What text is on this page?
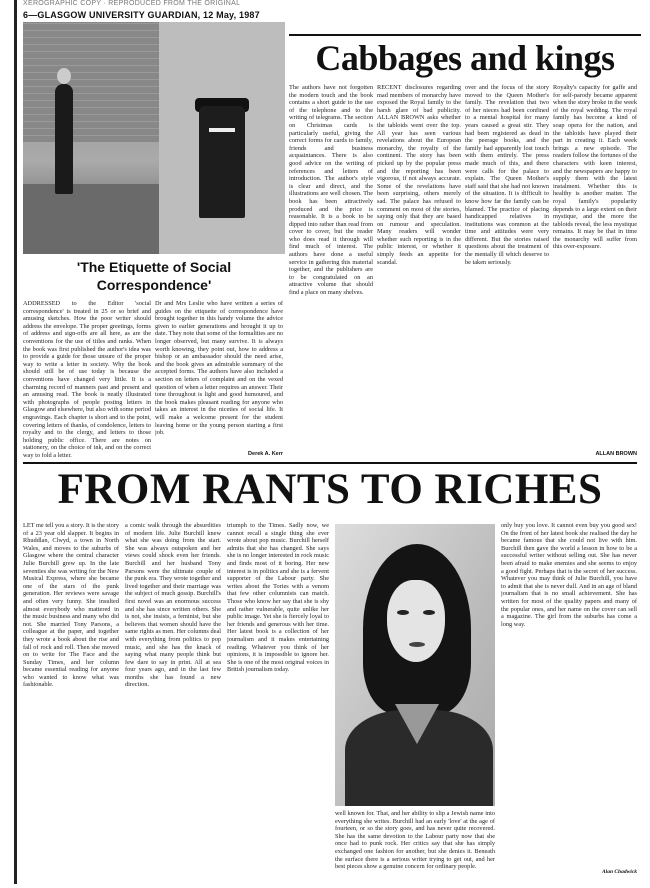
XEROGRAPHIC COPY · REPRODUCED FROM THE ORIGINAL
6—GLASGOW UNIVERSITY GUARDIAN, 12 May, 1987
Cabbages and kings
'The Etiquette of Social Correspondence'
ADDRESSED to the Editor 'social correspondence' is treated in 25 or so brief and amusing sketches. How the poor writer should address the envelope. The proper greetings, forms of address and sign-offs are all here, as are the conventions for the use of titles and ranks. When the book was first published the author's idea was to provide a guide for those unsure of the proper way to write a letter in society. Why the book should still be of use today is because the conventions have changed very little. It is a charming record of manners past and present and an amusing read. The book is neatly illustrated with photographs of people posting letters in Glasgow and elsewhere, but also with some period engravings. Each chapter is short and to the point, covering letters of thanks, of condolence, letters to royalty and to the clergy, and letters to those holding public office. There are notes on stationery, on the choice of ink, and on the correct way to fold a letter.
Dr and Mrs Leslie who have written a series of guides on the etiquette of correspondence have brought together in this handy volume the advice given to earlier generations and brought it up to date. They note that some of the formalities are no longer observed, but many survive. It is always worth knowing, they point out, how to address a bishop or an ambassador should the need arise, and the book gives an admirable summary of the accepted forms. The authors have also included a section on letters of complaint and on the vexed question of when a letter requires an answer. Their tone throughout is light and good humoured, and the book makes pleasant reading for anyone who takes an interest in the niceties of social life. It will make a welcome present for the student leaving home or the young person starting a first job.
Derek A. Kerr
The authors have not forgotten the modern touch and the book contains a short guide to the use of the telephone and to the writing of telegrams. The section on Christmas cards is particularly useful, giving the correct forms for cards to family, friends and business acquaintances. There is also good advice on the writing of references and letters of introduction. The author's style is clear and direct, and the illustrations are well chosen. The book has been attractively produced and the price is reasonable. It is a book to be dipped into rather than read from cover to cover, but the reader who does read it through will find much of interest. The authors have done a useful service in gathering this material together, and the publishers are to be congratulated on an attractive volume that should find a place on many shelves.
RECENT disclosures regarding mad members of monarchy have exposed the Royal family to the harsh glare of bad publicity. ALLAN BROWN asks whether the tabloids went over the top. All year has seen various revelations about the European monarchy, the royalty of the continent. The story has been picked up by the popular press and the reporting has been vigorous, if not always accurate. Some of the revelations have been surprising, others merely sad. The palace has refused to comment on most of the stories, saying only that they are based on rumour and speculation. Many readers will wonder whether such reporting is in the public interest, or whether it simply feeds an appetite for scandal.
over and the focus of the story moved to the Queen Mother's family. The revelation that two of her nieces had been confined to a mental hospital for many years caused a great stir. They had been registered as dead in the peerage books, and the family had apparently lost touch with them entirely. The press made much of this, and there were calls for the palace to explain. The Queen Mother's staff said that she had not known of the situation. It is difficult to know how far the family can be blamed. The practice of placing handicapped relatives in institutions was common at the time and attitudes were very different. But the stories raised questions about the treatment of the mentally ill which deserve to be taken seriously.
Royalty's capacity for gaffe and for self-parody became apparent when the story broke in the week of the royal wedding. The royal family has become a kind of soap opera for the nation, and the tabloids have played their part in creating it. Each week brings a new episode. The readers follow the fortunes of the characters with keen interest, and the newspapers are happy to supply them with the latest instalment. Whether this is healthy is another matter. The royal family's popularity depends to a large extent on their mystique, and the more the tabloids reveal, the less mystique remains. It may be that in time the monarchy will suffer from this over-exposure.
ALLAN BROWN
FROM RANTS TO RICHES
LET me tell you a story. It is the story of a 23 year old slapper. It begins in Rhuddlan, Clwyd, a town in North Wales, and moves to the suburbs of Glasgow where the central character Julie Burchill grew up. In the late seventies she was writing for the New Musical Express, where she became one of the stars of the punk generation. Her reviews were savage and often very funny. She insulted almost everybody who mattered in the music business and many who did not. She married Tony Parsons, a colleague at the paper, and together they wrote a book about the rise and fall of rock and roll. Then she moved on to write for The Face and the Sunday Times, and her column became essential reading for anyone who wanted to know what was fashionable.
a comic walk through the absurdities of modern life. Julie Burchill knew what she was doing from the start. She was always outspoken and her views could shock even her friends. Burchill and her husband Tony Parsons were the ultimate couple of the punk era. They wrote together and lived together and their marriage was the subject of much gossip. Burchill's first novel was an enormous success and she has since written others. She is not, she insists, a feminist, but she believes that women should have the same rights as men. Her columns deal with everything from politics to pop music, and she has the knack of saying what many people think but few dare to say in print. All at sea four years ago, and in the last few months she has found a new direction.
triumph to the Times. Sadly now, we cannot recall a single thing she ever wrote about pop music. Burchill herself admits that she has changed. She says she is no longer interested in rock music and finds most of it boring. Her new interest is in politics and she is a fervent supporter of the Labour party. She writes about the Tories with a venom that few other columnists can match. Those who know her say that she is shy and rather vulnerable, quite unlike her public image. Yet she is fiercely loyal to her friends and generous with her time. Her latest book is a collection of her journalism and it makes entertaining reading. Whatever you think of her opinions, it is impossible to ignore her. She is one of the most original voices in British journalism today.
well known for. That, and her ability to slip a Jewish name into everything she writes. Burchill had an early 'love' at the age of fourteen, or so the story goes, and has never quite recovered. She has the same devotion to the Labour party now that she once had to punk rock. Her critics say that she has simply exchanged one fashion for another, but she denies it. Beneath the surface there is a serious writer trying to get out, and her best pieces show a genuine concern for ordinary people.
only buy you love. It cannot even buy you good sex! On the front of her latest book she realised the day he became famous that she could not live with him. Burchill then gave the world a lesson in how to be a successful writer without selling out. She has never been afraid to make enemies and she seems to enjoy a good fight. Perhaps that is the secret of her success. Whatever you may think of Julie Burchill, you have to admit that she is never dull. And in an age of bland journalism that is no small achievement. She has written for most of the quality papers and many of the popular ones, and her name on the cover can sell a magazine. The girl from the suburbs has come a long way.
Alan Chadwick
